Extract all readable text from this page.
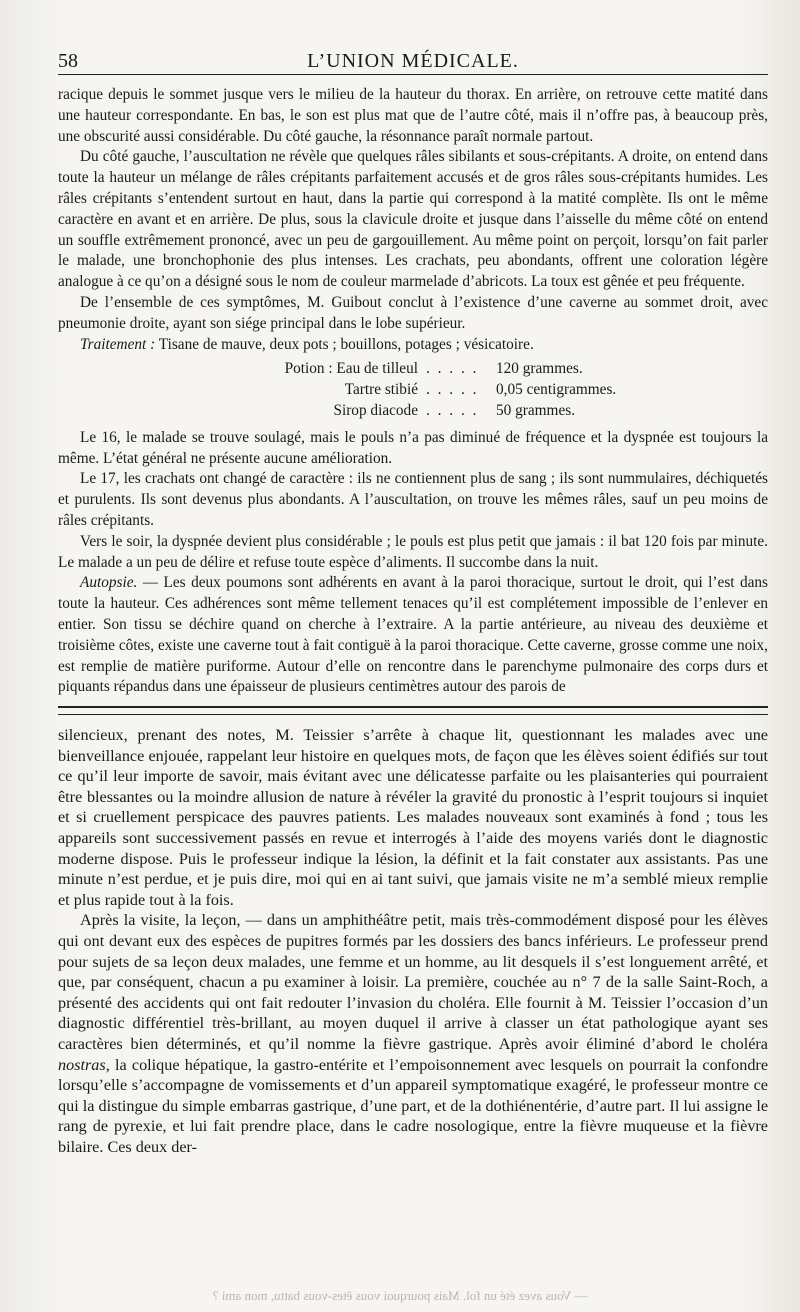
58	L’UNION MÉDICALE.

racique depuis le sommet jusque vers le milieu de la hauteur du thorax. En arrière, on retrouve cette matité dans une hauteur correspondante. En bas, le son est plus mat que de l’autre côté, mais il n’offre pas, à beaucoup près, une obscurité aussi considérable. Du côté gauche, la résonnance paraît normale partout.

Du côté gauche, l’auscultation ne révèle que quelques râles sibilants et sous-crépitants. A droite, on entend dans toute la hauteur un mélange de râles crépitants parfaitement accusés et de gros râles sous-crépitants humides. Les râles crépitants s’entendent surtout en haut, dans la partie qui correspond à la matité complète. Ils ont le même caractère en avant et en arrière. De plus, sous la clavicule droite et jusque dans l’aisselle du même côté on entend un souffle extrêmement prononcé, avec un peu de gargouillement. Au même point on perçoit, lorsqu’on fait parler le malade, une bronchophonie des plus intenses. Les crachats, peu abondants, offrent une coloration légère analogue à ce qu’on a désigné sous le nom de couleur marmelade d’abricots. La toux est gênée et peu fréquente.

De l’ensemble de ces symptômes, M. Guibout conclut à l’existence d’une caverne au sommet droit, avec pneumonie droite, ayant son siége principal dans le lobe supérieur.

Traitement : Tisane de mauve, deux pots ; bouillons, potages ; vésicatoire.
Potion : Eau de tilleul . . . . .	120 grammes.
Tartre stibié . . . . .	0,05 centigrammes.
Sirop diacode . . . . .	50 grammes.

Le 16, le malade se trouve soulagé, mais le pouls n’a pas diminué de fréquence et la dyspnée est toujours la même. L’état général ne présente aucune amélioration.

Le 17, les crachats ont changé de caractère : ils ne contiennent plus de sang ; ils sont nummulaires, déchiquetés et purulents. Ils sont devenus plus abondants. A l’auscultation, on trouve les mêmes râles, sauf un peu moins de râles crépitants.

Vers le soir, la dyspnée devient plus considérable ; le pouls est plus petit que jamais : il bat 120 fois par minute. Le malade a un peu de délire et refuse toute espèce d’aliments. Il succombe dans la nuit.

Autopsie. — Les deux poumons sont adhérents en avant à la paroi thoracique, surtout le droit, qui l’est dans toute la hauteur. Ces adhérences sont même tellement tenaces qu’il est complétement impossible de l’enlever en entier. Son tissu se déchire quand on cherche à l’extraire. A la partie antérieure, au niveau des deuxième et troisième côtes, existe une caverne tout à fait contiguë à la paroi thoracique. Cette caverne, grosse comme une noix, est remplie de matière puriforme. Autour d’elle on rencontre dans le parenchyme pulmonaire des corps durs et piquants répandus dans une épaisseur de plusieurs centimètres autour des parois de

silencieux, prenant des notes, M. Teissier s’arrête à chaque lit, questionnant les malades avec une bienveillance enjouée, rappelant leur histoire en quelques mots, de façon que les élèves soient édifiés sur tout ce qu’il leur importe de savoir, mais évitant avec une délicatesse parfaite ou les plaisanteries qui pourraient être blessantes ou la moindre allusion de nature à révéler la gravité du pronostic à l’esprit toujours si inquiet et si cruellement perspicace des pauvres patients. Les malades nouveaux sont examinés à fond ; tous les appareils sont successivement passés en revue et interrogés à l’aide des moyens variés dont le diagnostic moderne dispose. Puis le professeur indique la lésion, la définit et la fait constater aux assistants. Pas une minute n’est perdue, et je puis dire, moi qui en ai tant suivi, que jamais visite ne m’a semblé mieux remplie et plus rapide tout à la fois.

Après la visite, la leçon, — dans un amphithéâtre petit, mais très-commodément disposé pour les élèves qui ont devant eux des espèces de pupitres formés par les dossiers des bancs inférieurs. Le professeur prend pour sujets de sa leçon deux malades, une femme et un homme, au lit desquels il s’est longuement arrêté, et que, par conséquent, chacun a pu examiner à loisir. La première, couchée au n° 7 de la salle Saint-Roch, a présenté des accidents qui ont fait redouter l’invasion du choléra. Elle fournit à M. Teissier l’occasion d’un diagnostic différentiel très-brillant, au moyen duquel il arrive à classer un état pathologique ayant ses caractères bien déterminés, et qu’il nomme la fièvre gastrique. Après avoir éliminé d’abord le choléra nostras, la colique hépatique, la gastro-entérite et l’empoisonnement avec lesquels on pourrait la confondre lorsqu’elle s’accompagne de vomissements et d’un appareil symptomatique exagéré, le professeur montre ce qui la distingue du simple embarras gastrique, d’une part, et de la dothiénentérie, d’autre part. Il lui assigne le rang de pyrexie, et lui fait prendre place, dans le cadre nosologique, entre la fièvre muqueuse et la fièvre bilaire. Ces deux der-

— Vous avez été un fol. Mais pourquoi vous êtes-vous battu, mon ami ?
